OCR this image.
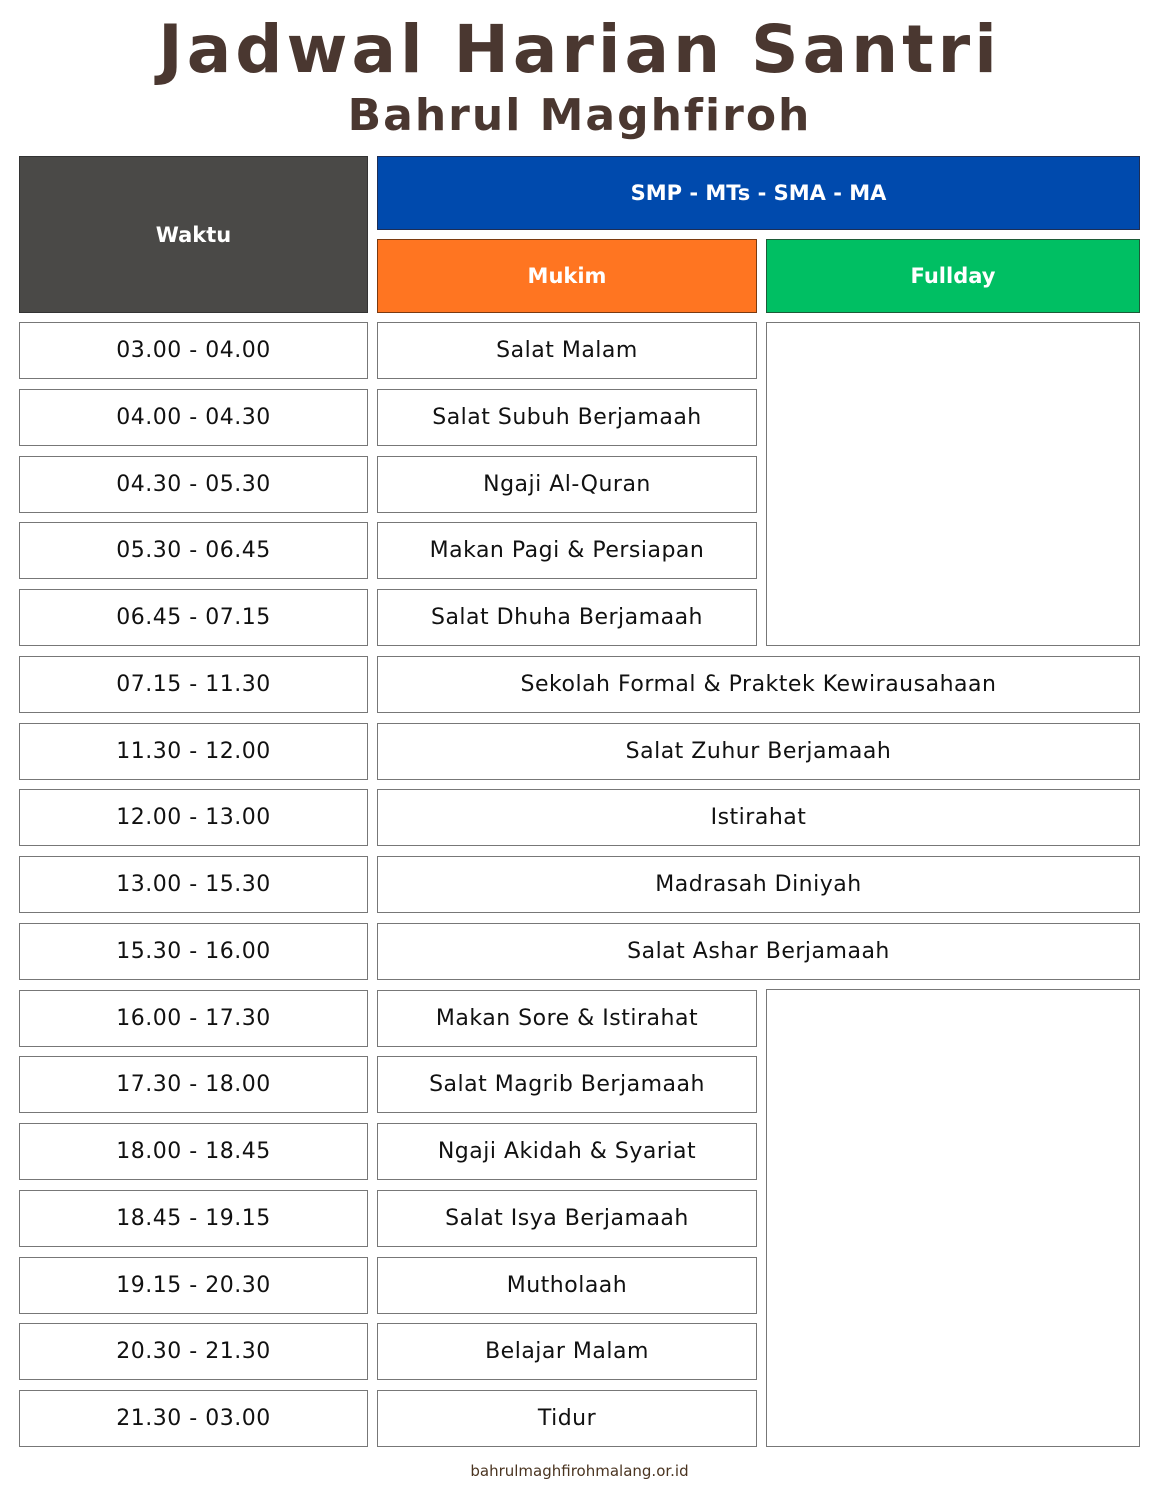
Jadwal Harian Santri
Bahrul Maghfiroh
Waktu
SMP - MTs - SMA - MA
Mukim	Fullday
03.00 - 04.00	Salat Malam
04.00 - 04.30	Salat Subuh Berjamaah
04.30 - 05.30	Ngaji Al-Quran
05.30 - 06.45	Makan Pagi & Persiapan
06.45 - 07.15	Salat Dhuha Berjamaah
07.15 - 11.30	Sekolah Formal & Praktek Kewirausahaan
11.30 - 12.00	Salat Zuhur Berjamaah
12.00 - 13.00	Istirahat
13.00 - 15.30	Madrasah Diniyah
15.30 - 16.00	Salat Ashar Berjamaah
16.00 - 17.30	Makan Sore & Istirahat
17.30 - 18.00	Salat Magrib Berjamaah
18.00 - 18.45	Ngaji Akidah & Syariat
18.45 - 19.15	Salat Isya Berjamaah
19.15 - 20.30	Mutholaah
20.30 - 21.30	Belajar Malam
21.30 - 03.00	Tidur
bahrulmaghfirohmalang.or.id
